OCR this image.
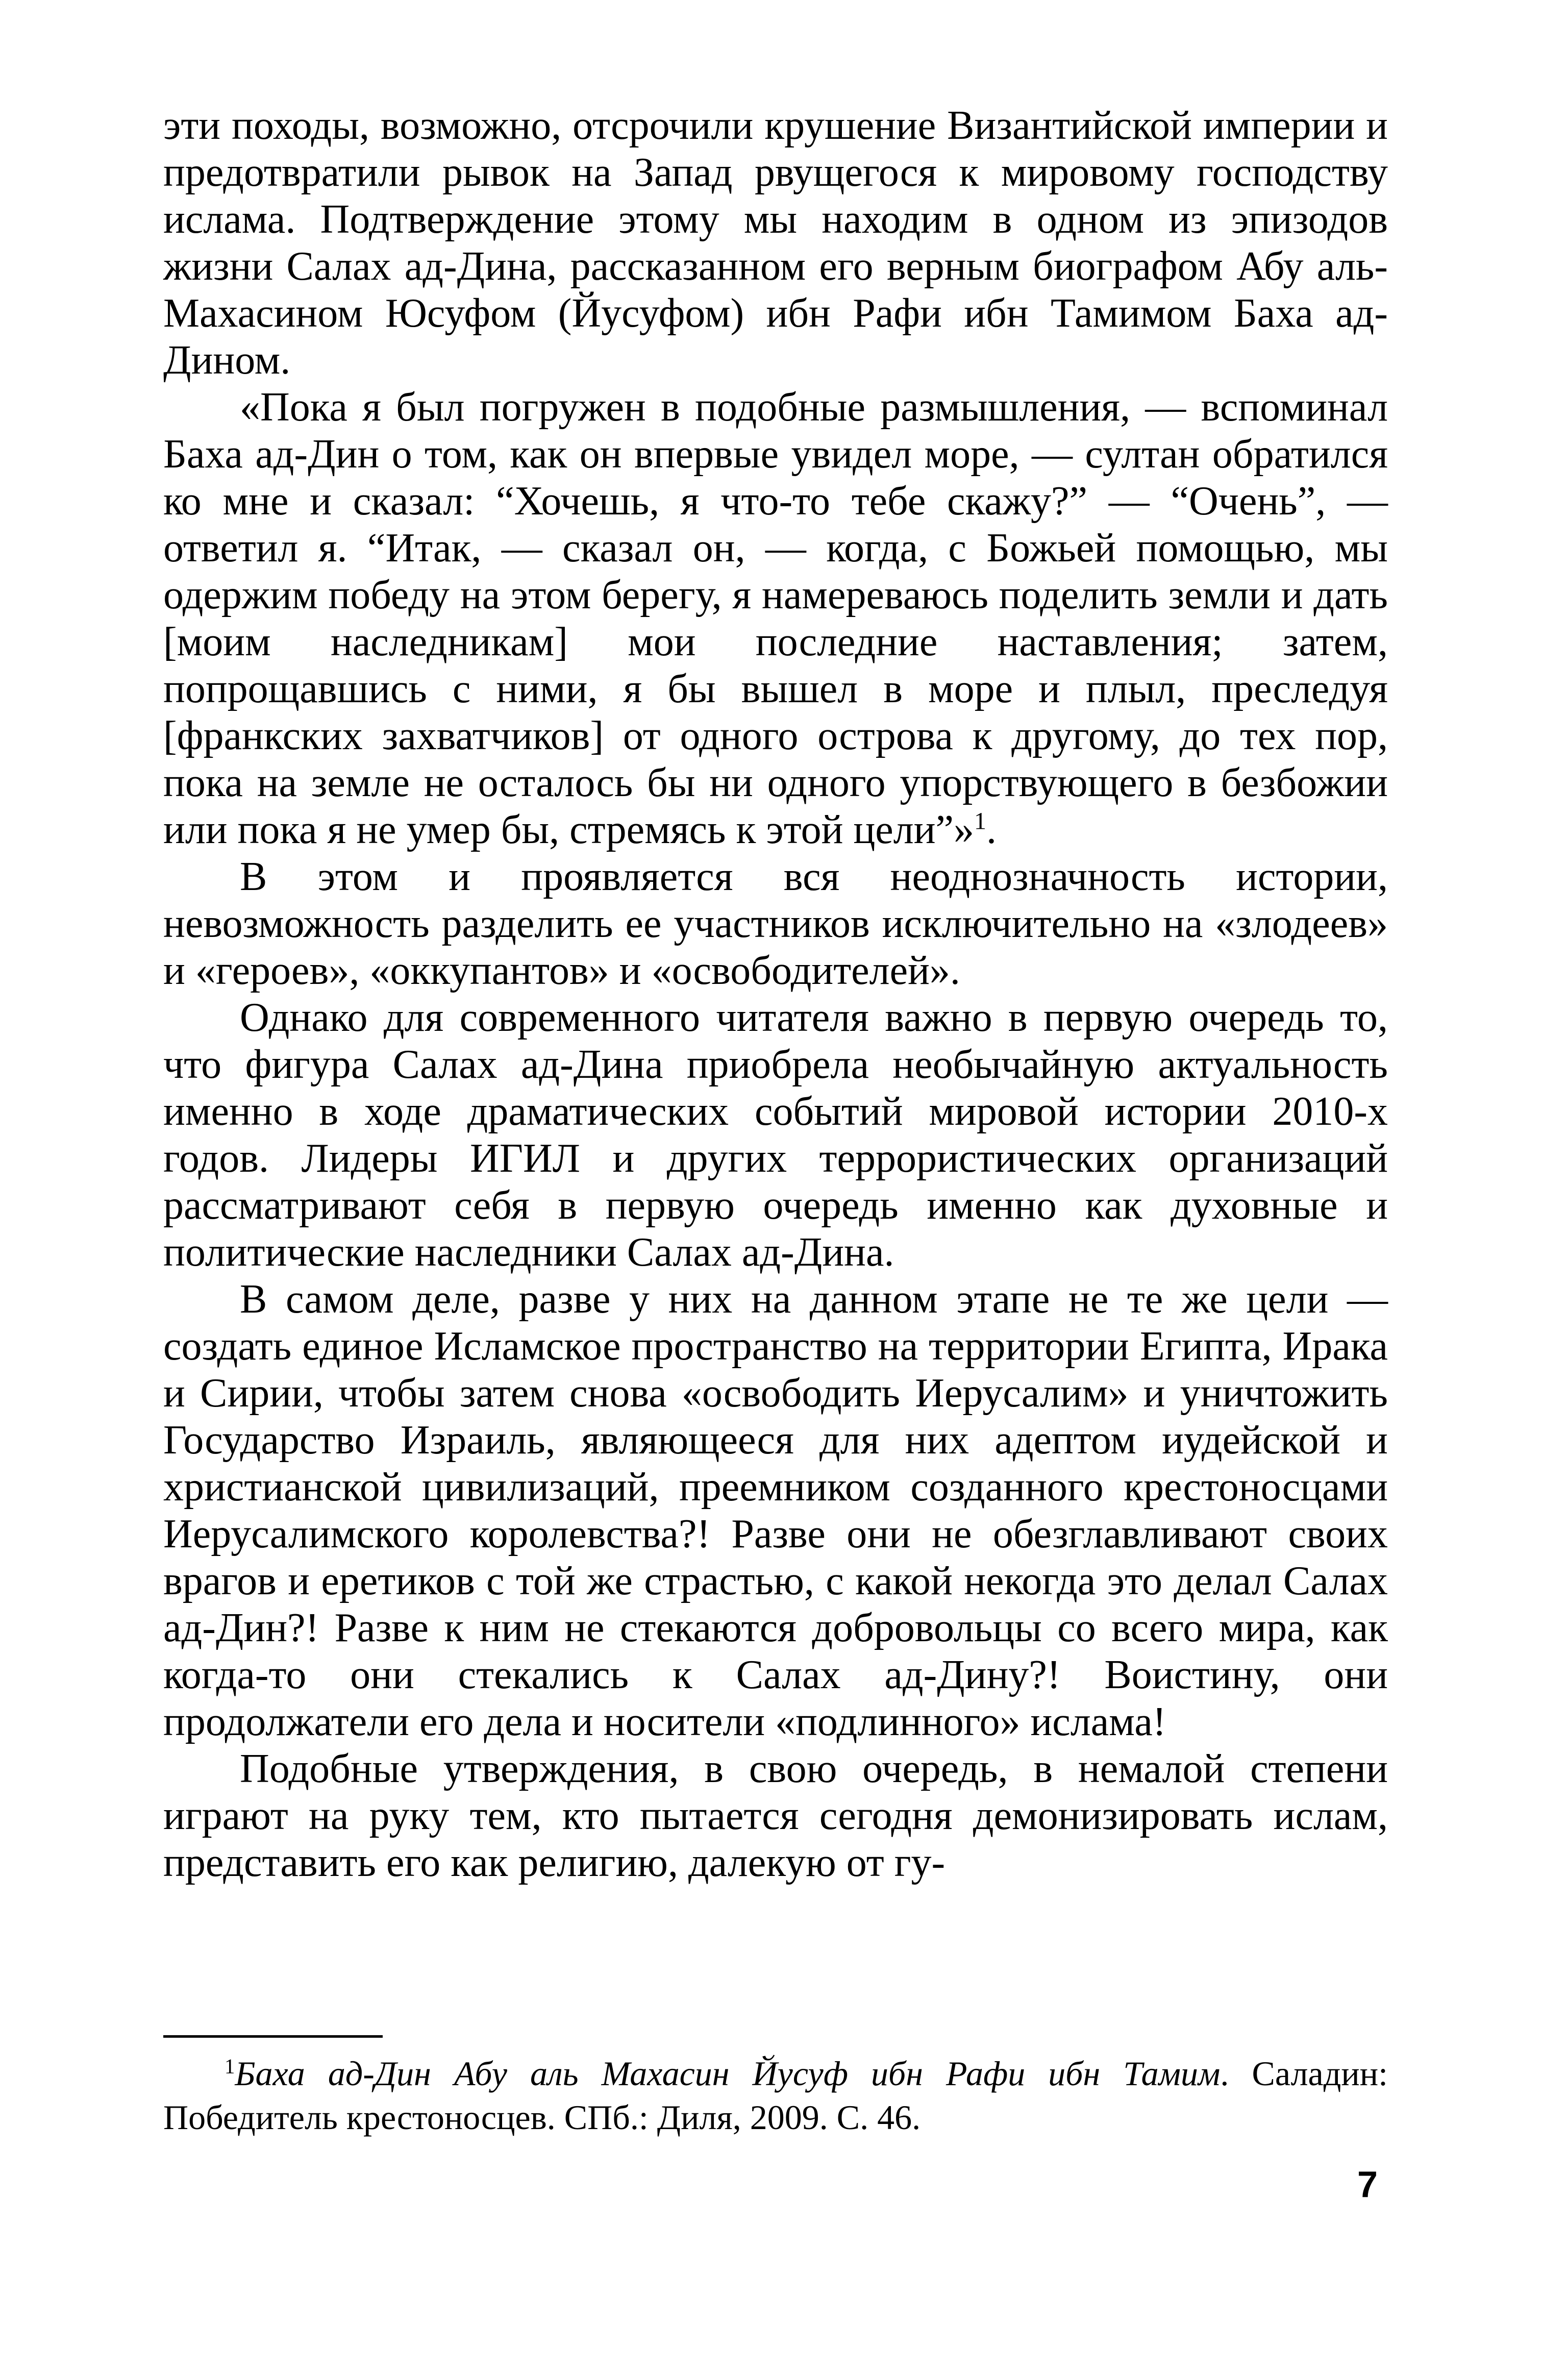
эти походы, возможно, отсрочили крушение Византийской империи и предотвратили рывок на Запад рвущегося к мировому господству ислама. Подтверждение этому мы находим в одном из эпизодов жизни Салах ад-Дина, рассказанном его верным биографом Абу аль-Махасином Юсуфом (Йусуфом) ибн Рафи ибн Тамимом Баха ад-Дином.

«Пока я был погружен в подобные размышления, — вспоминал Баха ад-Дин о том, как он впервые увидел море, — султан обратился ко мне и сказал: “Хочешь, я что-то тебе скажу?” — “Очень”, — ответил я. “Итак, — сказал он, — когда, с Божьей помощью, мы одержим победу на этом берегу, я намереваюсь поделить земли и дать [моим наследникам] мои последние наставления; затем, попрощавшись с ними, я бы вышел в море и плыл, преследуя [франкских захватчиков] от одного острова к другому, до тех пор, пока на земле не осталось бы ни одного упорствующего в безбожии или пока я не умер бы, стремясь к этой цели”»$^1$.

В этом и проявляется вся неоднозначность истории, невозможность разделить ее участников исключительно на «злодеев» и «героев», «оккупантов» и «освободителей».

Однако для современного читателя важно в первую очередь то, что фигура Салах ад-Дина приобрела необычайную актуальность именно в ходе драматических событий мировой истории 2010-х годов. Лидеры ИГИЛ и других террористических организаций рассматривают себя в первую очередь именно как духовные и политические наследники Салах ад-Дина.

В самом деле, разве у них на данном этапе не те же цели — создать единое Исламское пространство на территории Египта, Ирака и Сирии, чтобы затем снова «освободить Иерусалим» и уничтожить Государство Израиль, являющееся для них адептом иудейской и христианской цивилизаций, преемником созданного крестоносцами Иерусалимского королевства?! Разве они не обезглавливают своих врагов и еретиков с той же страстью, с какой некогда это делал Салах ад-Дин?! Разве к ним не стекаются добровольцы со всего мира, как когда-то они стекались к Салах ад-Дину?! Воистину, они продолжатели его дела и носители «подлинного» ислама!

Подобные утверждения, в свою очередь, в немалой степени играют на руку тем, кто пытается сегодня демонизировать ислам, представить его как религию, далекую от гу-

$^1$Баха ад-Дин Абу аль Махасин Йусуф ибн Рафи ибн Тамим. Саладин: Победитель крестоносцев. СПб.: Диля, 2009. С. 46.
7
